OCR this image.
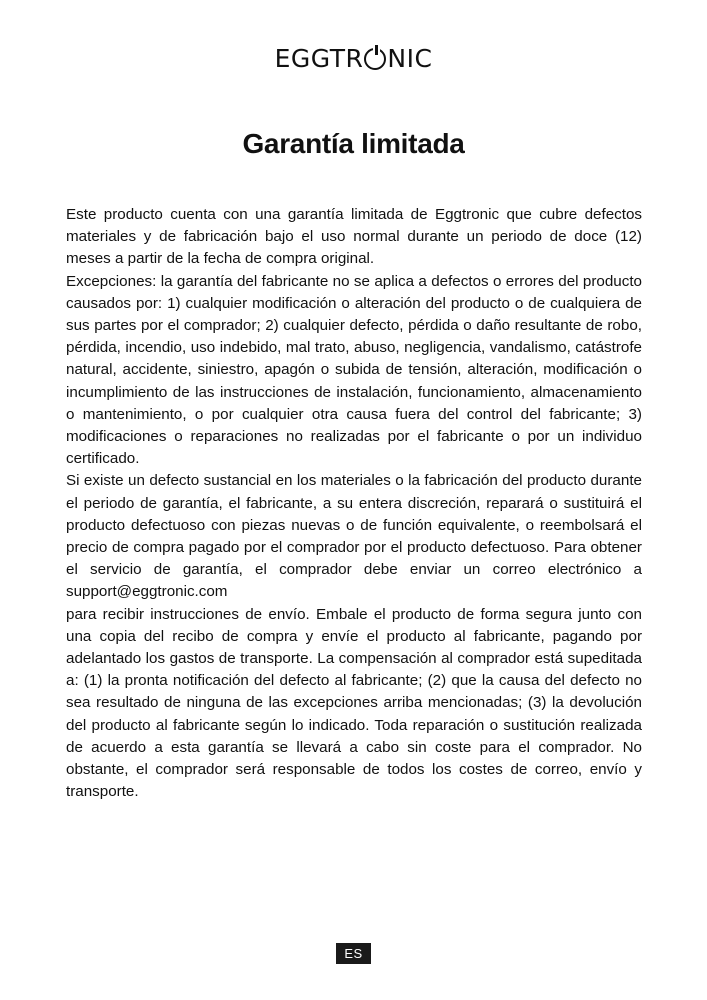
EGGTR NIC
Garantía limitada

Este producto cuenta con una garantía limitada de Eggtronic que cubre defectos materiales y de fabricación bajo el uso normal durante un periodo de doce (12) meses a partir de la fecha de compra original.

Excepciones: la garantía del fabricante no se aplica a defectos o errores del producto causados por: 1) cualquier modificación o alteración del producto o de cualquiera de sus partes por el comprador; 2) cualquier defecto, pérdida o daño resultante de robo, pérdida, incendio, uso indebido, mal trato, abuso, negligencia, vandalismo, catástrofe natural, accidente, siniestro, apagón o subida de tensión, alteración, modificación o incumplimiento de las instrucciones de instalación, funcionamiento, almacenamiento o mantenimiento, o por cualquier otra causa fuera del control del fabricante; 3) modificaciones o reparaciones no realizadas por el fabricante o por un individuo certificado.

Si existe un defecto sustancial en los materiales o la fabricación del producto durante el periodo de garantía, el fabricante, a su entera discreción, reparará o sustituirá el producto defectuoso con piezas nuevas o de función equivalente, o reembolsará el precio de compra pagado por el comprador por el producto defectuoso. Para obtener el servicio de garantía, el comprador debe enviar un correo electrónico a support@eggtronic.com

para recibir instrucciones de envío. Embale el producto de forma segura junto con una copia del recibo de compra y envíe el producto al fabricante, pagando por adelantado los gastos de transporte. La compensación al comprador está supeditada a: (1) la pronta notificación del defecto al fabricante; (2) que la causa del defecto no sea resultado de ninguna de las excepciones arriba mencionadas; (3) la devolución del producto al fabricante según lo indicado. Toda reparación o sustitución realizada de acuerdo a esta garantía se llevará a cabo sin coste para el comprador. No obstante, el comprador será responsable de todos los costes de correo, envío y transporte.

ES
